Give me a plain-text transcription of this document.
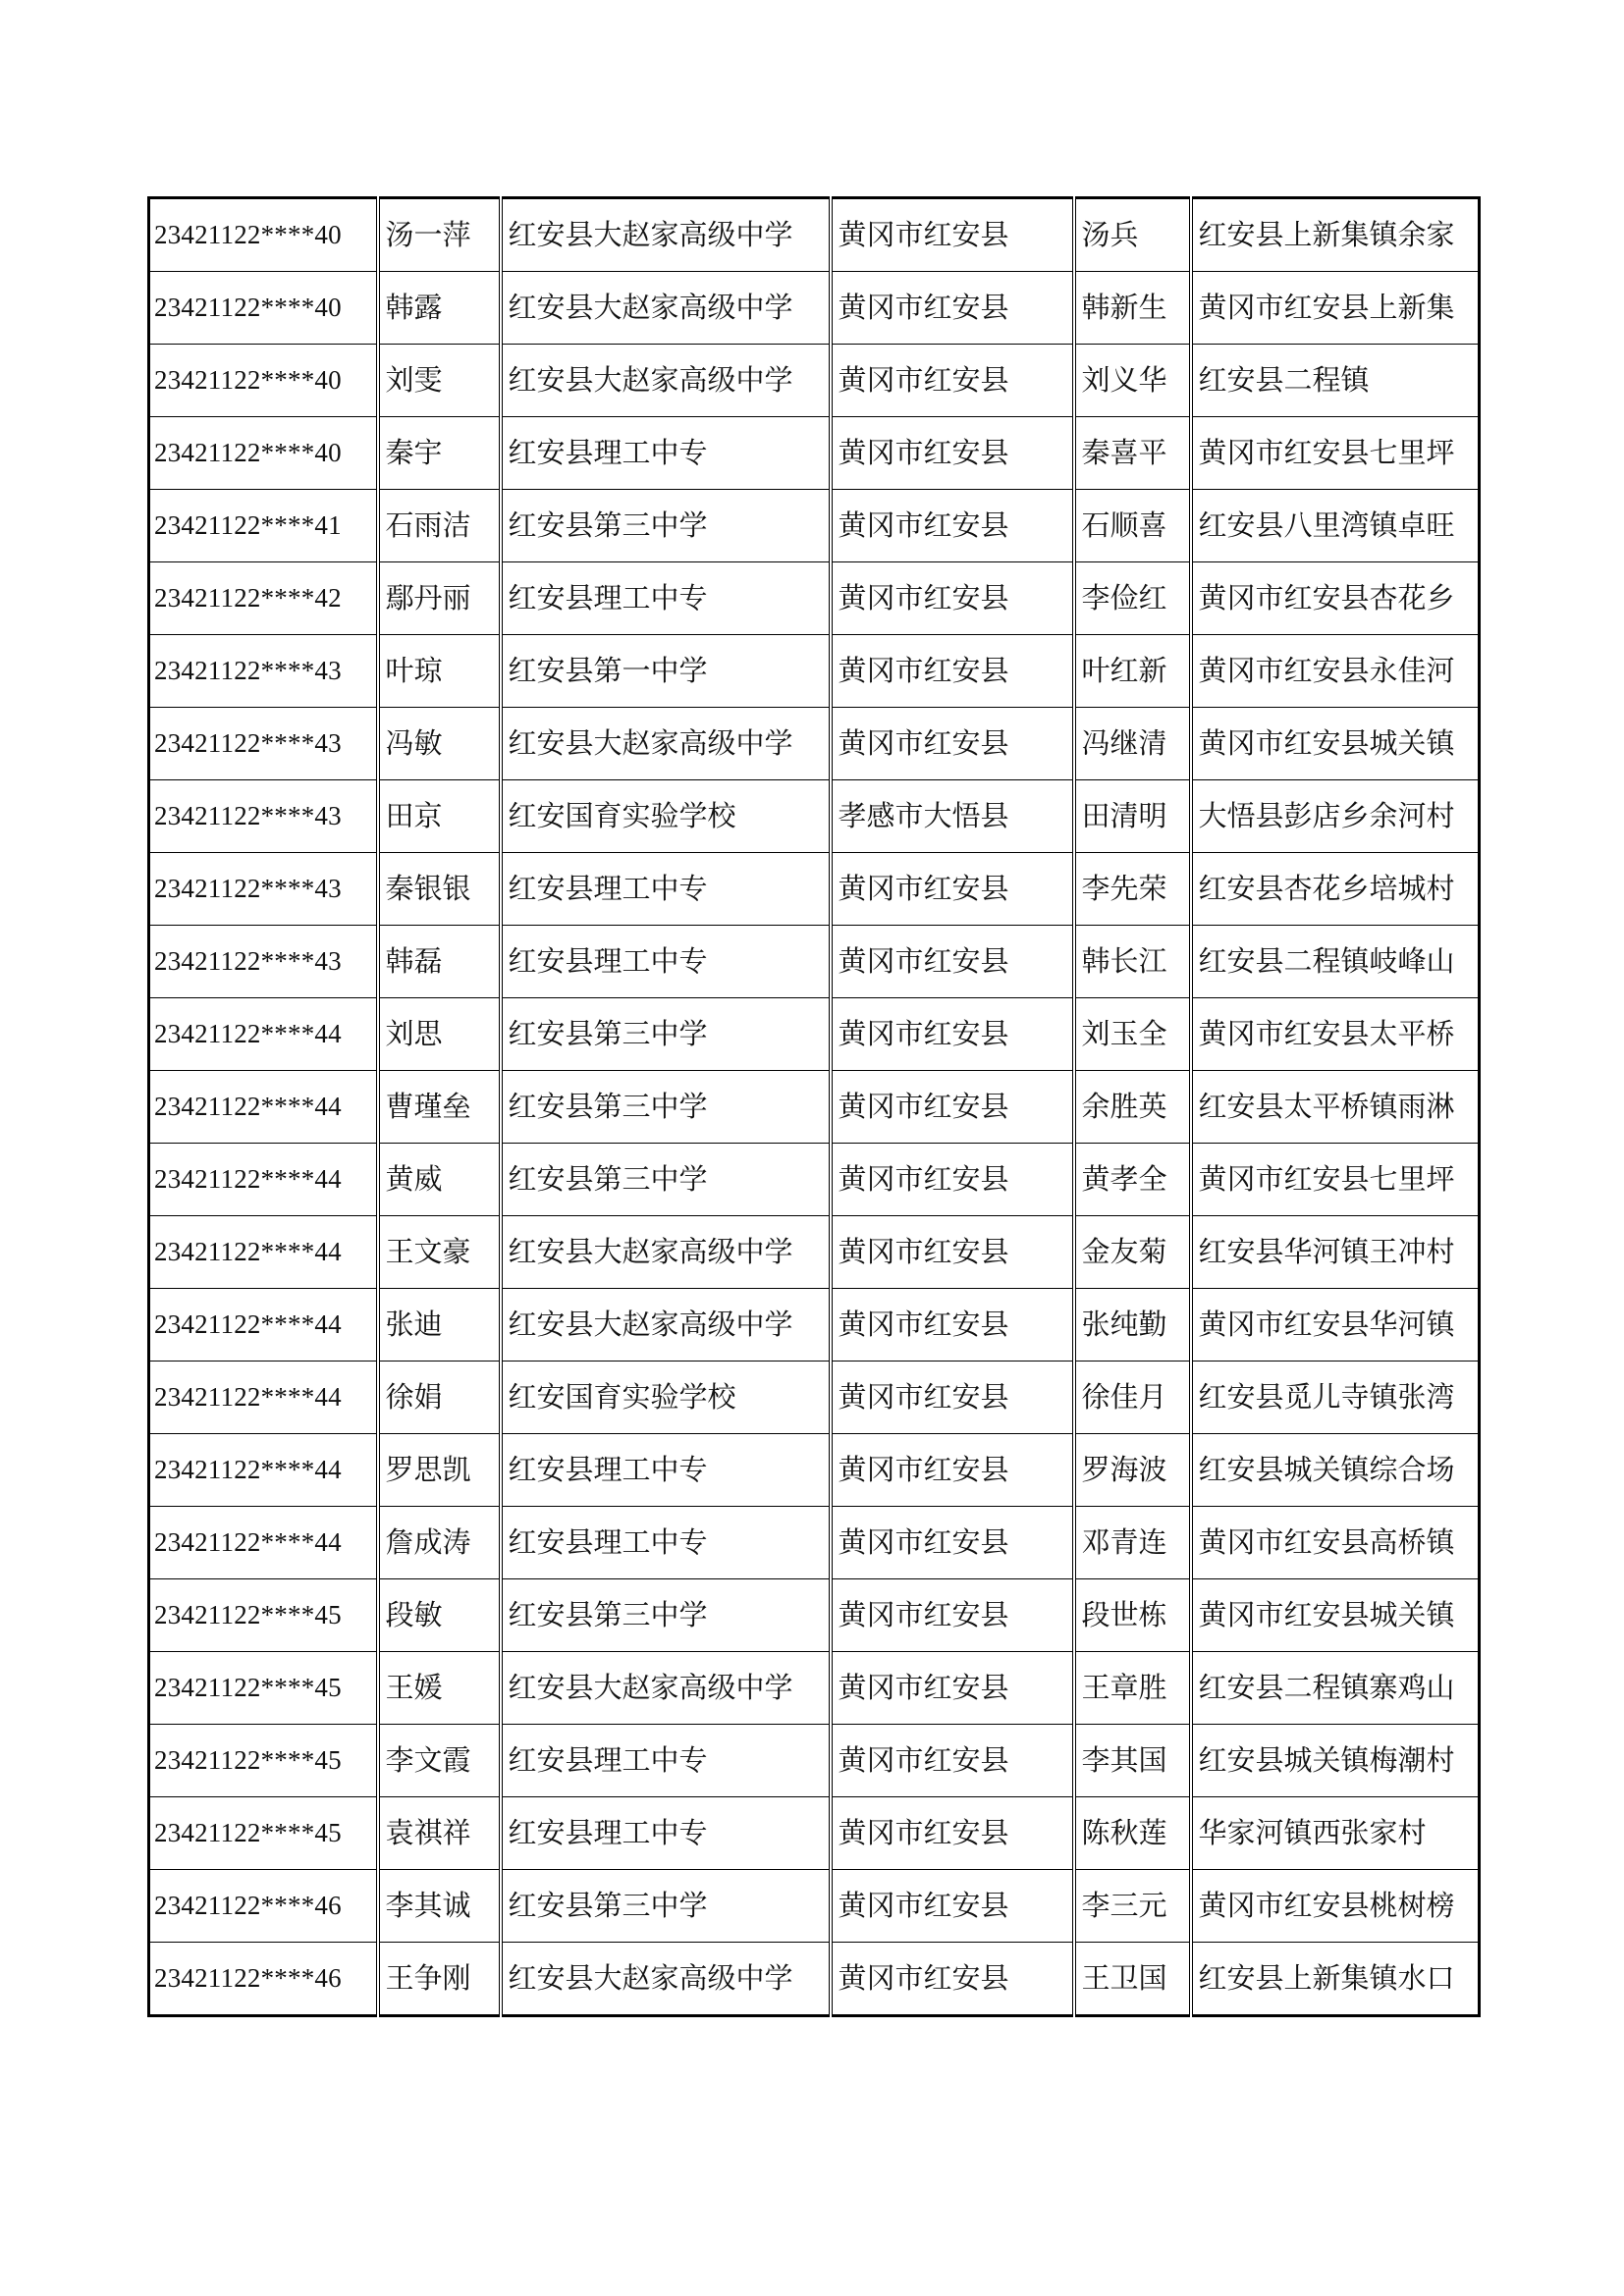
23421122****40	汤一萍	红安县大赵家高级中学	黄冈市红安县	汤兵	红安县上新集镇余家
23421122****40	韩露	红安县大赵家高级中学	黄冈市红安县	韩新生	黄冈市红安县上新集
23421122****40	刘雯	红安县大赵家高级中学	黄冈市红安县	刘义华	红安县二程镇
23421122****40	秦宇	红安县理工中专	黄冈市红安县	秦喜平	黄冈市红安县七里坪
23421122****41	石雨洁	红安县第三中学	黄冈市红安县	石顺喜	红安县八里湾镇卓旺
23421122****42	鄢丹丽	红安县理工中专	黄冈市红安县	李俭红	黄冈市红安县杏花乡
23421122****43	叶琼	红安县第一中学	黄冈市红安县	叶红新	黄冈市红安县永佳河
23421122****43	冯敏	红安县大赵家高级中学	黄冈市红安县	冯继清	黄冈市红安县城关镇
23421122****43	田京	红安国育实验学校	孝感市大悟县	田清明	大悟县彭店乡余河村
23421122****43	秦银银	红安县理工中专	黄冈市红安县	李先荣	红安县杏花乡培城村
23421122****43	韩磊	红安县理工中专	黄冈市红安县	韩长江	红安县二程镇岐峰山
23421122****44	刘思	红安县第三中学	黄冈市红安县	刘玉全	黄冈市红安县太平桥
23421122****44	曹瑾垒	红安县第三中学	黄冈市红安县	余胜英	红安县太平桥镇雨淋
23421122****44	黄威	红安县第三中学	黄冈市红安县	黄孝全	黄冈市红安县七里坪
23421122****44	王文豪	红安县大赵家高级中学	黄冈市红安县	金友菊	红安县华河镇王冲村
23421122****44	张迪	红安县大赵家高级中学	黄冈市红安县	张纯勤	黄冈市红安县华河镇
23421122****44	徐娟	红安国育实验学校	黄冈市红安县	徐佳月	红安县觅儿寺镇张湾
23421122****44	罗思凯	红安县理工中专	黄冈市红安县	罗海波	红安县城关镇综合场
23421122****44	詹成涛	红安县理工中专	黄冈市红安县	邓青连	黄冈市红安县高桥镇
23421122****45	段敏	红安县第三中学	黄冈市红安县	段世栋	黄冈市红安县城关镇
23421122****45	王媛	红安县大赵家高级中学	黄冈市红安县	王章胜	红安县二程镇寨鸡山
23421122****45	李文霞	红安县理工中专	黄冈市红安县	李其国	红安县城关镇梅潮村
23421122****45	袁祺祥	红安县理工中专	黄冈市红安县	陈秋莲	华家河镇西张家村
23421122****46	李其诚	红安县第三中学	黄冈市红安县	李三元	黄冈市红安县桃树榜
23421122****46	王争刚	红安县大赵家高级中学	黄冈市红安县	王卫国	红安县上新集镇水口
